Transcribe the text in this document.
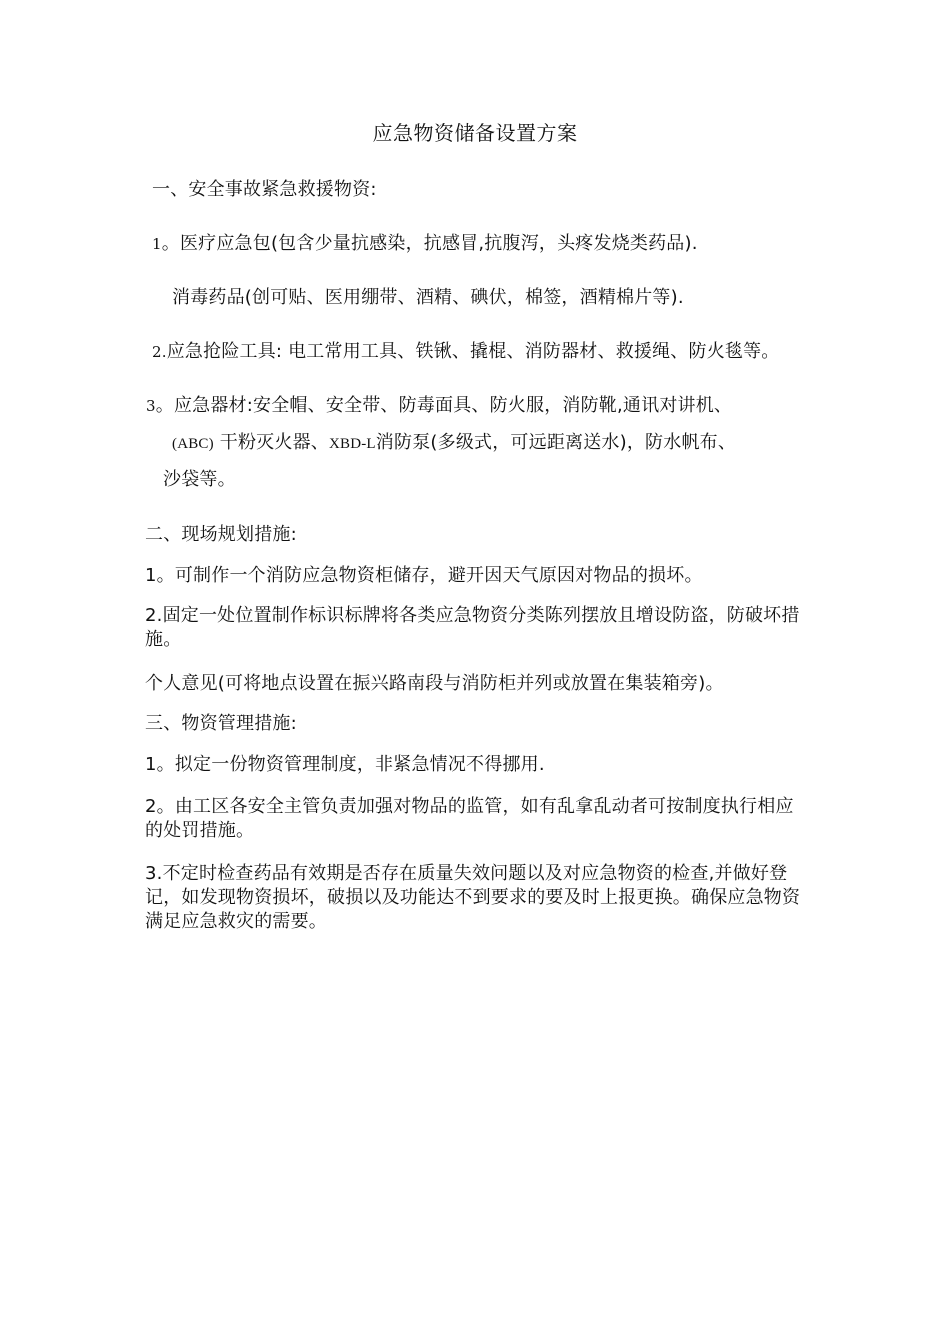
应急物资储备设置方案
一、安全事故紧急救援物资:
1。医疗应急包(包含少量抗感染，抗感冒,抗腹泻，头疼发烧类药品).
消毒药品(创可贴、医用绷带、酒精、碘伏，棉签，酒精棉片等).
2.应急抢险工具: 电工常用工具、铁锹、撬棍、消防器材、救援绳、防火毯等。
3。应急器材:安全帽、安全带、防毒面具、防火服，消防靴,通讯对讲机、
(ABC) 干粉灭火器、XBD-L消防泵(多级式，可远距离送水)，防水帆布、
沙袋等。
二、现场规划措施:
1。可制作一个消防应急物资柜储存，避开因天气原因对物品的损坏。
2.固定一处位置制作标识标牌将各类应急物资分类陈列摆放且增设防盗，防破坏措施。
个人意见(可将地点设置在振兴路南段与消防柜并列或放置在集装箱旁)。
三、物资管理措施:
1。拟定一份物资管理制度，非紧急情况不得挪用.
2。由工区各安全主管负责加强对物品的监管，如有乱拿乱动者可按制度执行相应的处罚措施。
3.不定时检查药品有效期是否存在质量失效问题以及对应急物资的检查,并做好登记，如发现物资损坏，破损以及功能达不到要求的要及时上报更换。确保应急物资满足应急救灾的需要。
